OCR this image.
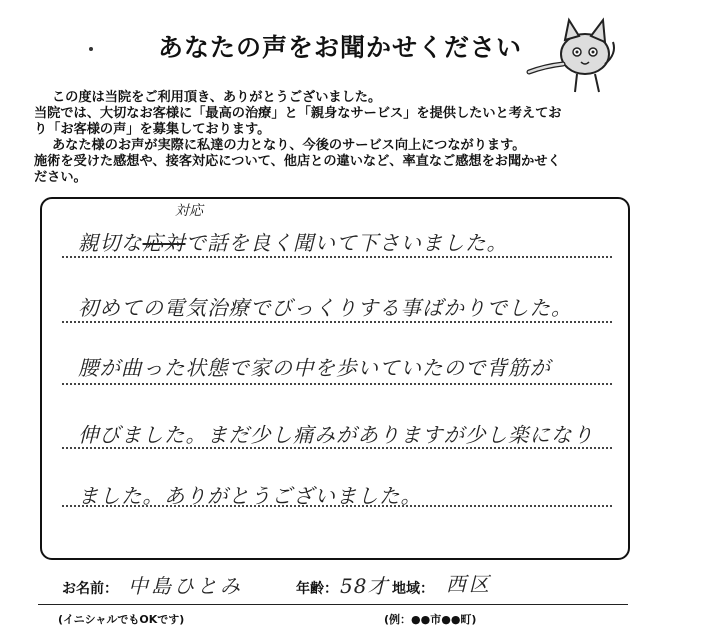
あなたの声をお聞かせください
この度は当院をご利用頂き、ありがとうございました。
当院では、大切なお客様に「最高の治療」と「親身なサービス」を提供したいと考えてお
り「お客様の声」を募集しております。
あなた様のお声が実際に私達の力となり、今後のサービス向上につながります。
施術を受けた感想や、接客対応について、他店との違いなど、率直なご感想をお聞かせく
ださい。
対応
親切な応対で話を良く聞いて下さいました。
初めての電気治療でびっくりする事ばかりでした。
腰が曲った状態で家の中を歩いていたので背筋が
伸びました。まだ少し痛みがありますが少し楽になり
ました。ありがとうございました。
お名前： 中島ひとみ	年齢： 58才 地域： 西区
(イニシャルでもOKです)	(例：●●市●●町)
